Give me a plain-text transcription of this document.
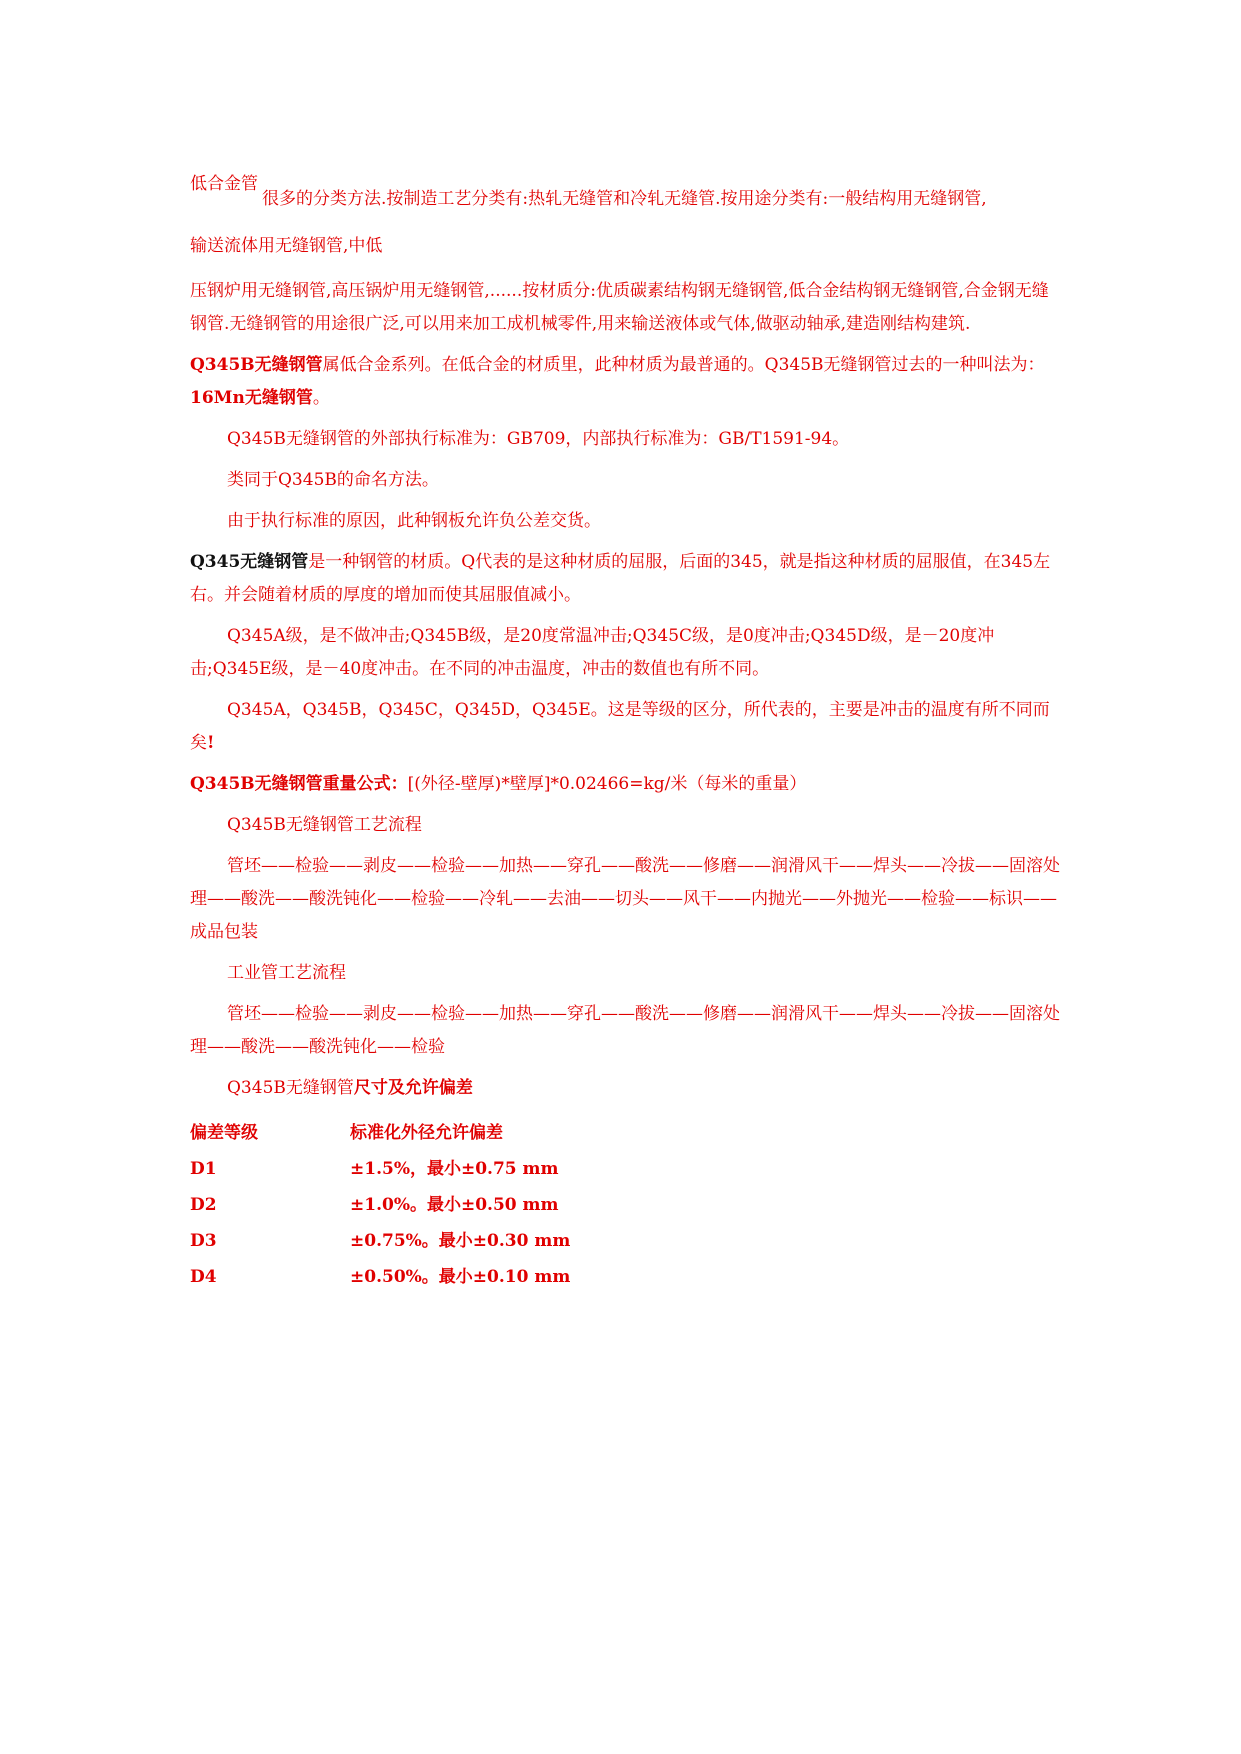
低合金管
很多的分类方法.按制造工艺分类有:热轧无缝管和冷轧无缝管.按用途分类有:一般结构用无缝钢管,

输送流体用无缝钢管,中低

压钢炉用无缝钢管,高压锅炉用无缝钢管,......按材质分:优质碳素结构钢无缝钢管,低合金结构钢无缝钢管,合金钢无缝钢管.无缝钢管的用途很广泛,可以用来加工成机械零件,用来输送液体或气体,做驱动轴承,建造刚结构建筑.

Q345B无缝钢管属低合金系列。在低合金的材质里，此种材质为最普通的。Q345B无缝钢管过去的一种叫法为：16Mn无缝钢管。

Q345B无缝钢管的外部执行标准为：GB709，内部执行标准为：GB/T1591-94。

类同于Q345B的命名方法。

由于执行标准的原因，此种钢板允许负公差交货。

Q345无缝钢管是一种钢管的材质。Q代表的是这种材质的屈服，后面的345，就是指这种材质的屈服值，在345左右。并会随着材质的厚度的增加而使其屈服值减小。

Q345A级，是不做冲击;Q345B级，是20度常温冲击;Q345C级，是0度冲击;Q345D级，是－20度冲击;Q345E级，是－40度冲击。在不同的冲击温度，冲击的数值也有所不同。

Q345A，Q345B，Q345C，Q345D，Q345E。这是等级的区分，所代表的，主要是冲击的温度有所不同而矣!

Q345B无缝钢管重量公式：[(外径-壁厚)*壁厚]*0.02466=kg/米（每米的重量）

Q345B无缝钢管工艺流程

管坯——检验——剥皮——检验——加热——穿孔——酸洗——修磨——润滑风干——焊头——冷拔——固溶处理——酸洗——酸洗钝化——检验——冷轧——去油——切头——风干——内抛光——外抛光——检验——标识——成品包装

工业管工艺流程

管坯——检验——剥皮——检验——加热——穿孔——酸洗——修磨——润滑风干——焊头——冷拔——固溶处理——酸洗——酸洗钝化——检验

Q345B无缝钢管尺寸及允许偏差

偏差等级	标准化外径允许偏差
D1	±1.5%，最小±0.75 mm
D2	±1.0%。最小±0.50 mm
D3	±0.75%。最小±0.30 mm
D4	±0.50%。最小±0.10 mm
